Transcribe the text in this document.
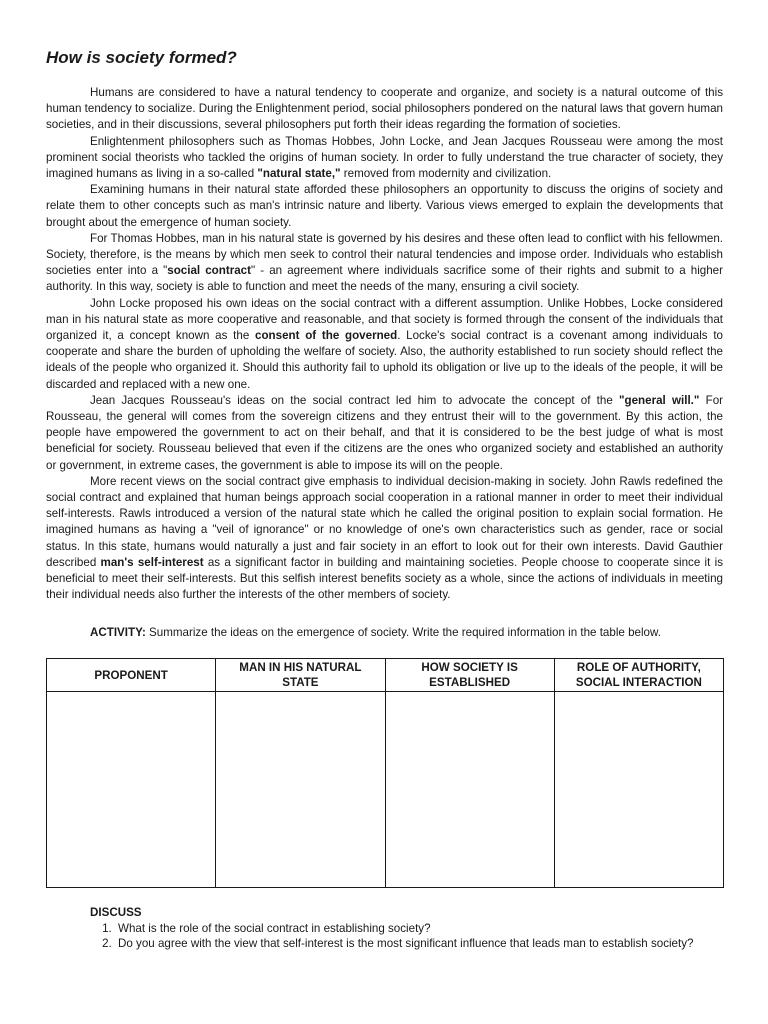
How is society formed?

Humans are considered to have a natural tendency to cooperate and organize, and society is a natural outcome of this human tendency to socialize. During the Enlightenment period, social philosophers pondered on the natural laws that govern human societies, and in their discussions, several philosophers put forth their ideas regarding the formation of societies.

Enlightenment philosophers such as Thomas Hobbes, John Locke, and Jean Jacques Rousseau were among the most prominent social theorists who tackled the origins of human society. In order to fully understand the true character of society, they imagined humans as living in a so-called "natural state," removed from modernity and civilization.

Examining humans in their natural state afforded these philosophers an opportunity to discuss the origins of society and relate them to other concepts such as man's intrinsic nature and liberty. Various views emerged to explain the developments that brought about the emergence of human society.

For Thomas Hobbes, man in his natural state is governed by his desires and these often lead to conflict with his fellowmen. Society, therefore, is the means by which men seek to control their natural tendencies and impose order. Individuals who establish societies enter into a "social contract" - an agreement where individuals sacrifice some of their rights and submit to a higher authority. In this way, society is able to function and meet the needs of the many, ensuring a civil society.

John Locke proposed his own ideas on the social contract with a different assumption. Unlike Hobbes, Locke considered man in his natural state as more cooperative and reasonable, and that society is formed through the consent of the individuals that organized it, a concept known as the consent of the governed. Locke's social contract is a covenant among individuals to cooperate and share the burden of upholding the welfare of society. Also, the authority established to run society should reflect the ideals of the people who organized it. Should this authority fail to uphold its obligation or live up to the ideals of the people, it will be discarded and replaced with a new one.

Jean Jacques Rousseau's ideas on the social contract led him to advocate the concept of the "general will." For Rousseau, the general will comes from the sovereign citizens and they entrust their will to the government. By this action, the people have empowered the government to act on their behalf, and that it is considered to be the best judge of what is most beneficial for society. Rousseau believed that even if the citizens are the ones who organized society and established an authority or government, in extreme cases, the government is able to impose its will on the people.

More recent views on the social contract give emphasis to individual decision-making in society. John Rawls redefined the social contract and explained that human beings approach social cooperation in a rational manner in order to meet their individual self-interests. Rawls introduced a version of the natural state which he called the original position to explain social formation. He imagined humans as having a "veil of ignorance" or no knowledge of one's own characteristics such as gender, race or social status. In this state, humans would naturally a just and fair society in an effort to look out for their own interests. David Gauthier described man's self-interest as a significant factor in building and maintaining societies. People choose to cooperate since it is beneficial to meet their self-interests. But this selfish interest benefits society as a whole, since the actions of individuals in meeting their individual needs also further the interests of the other members of society.

ACTIVITY: Summarize the ideas on the emergence of society. Write the required information in the table below.
PROPONENT	MAN IN HIS NATURAL STATE	HOW SOCIETY IS ESTABLISHED	ROLE OF AUTHORITY, SOCIAL INTERACTION

DISCUSS
1. What is the role of the social contract in establishing society?
2. Do you agree with the view that self-interest is the most significant influence that leads man to establish society?
